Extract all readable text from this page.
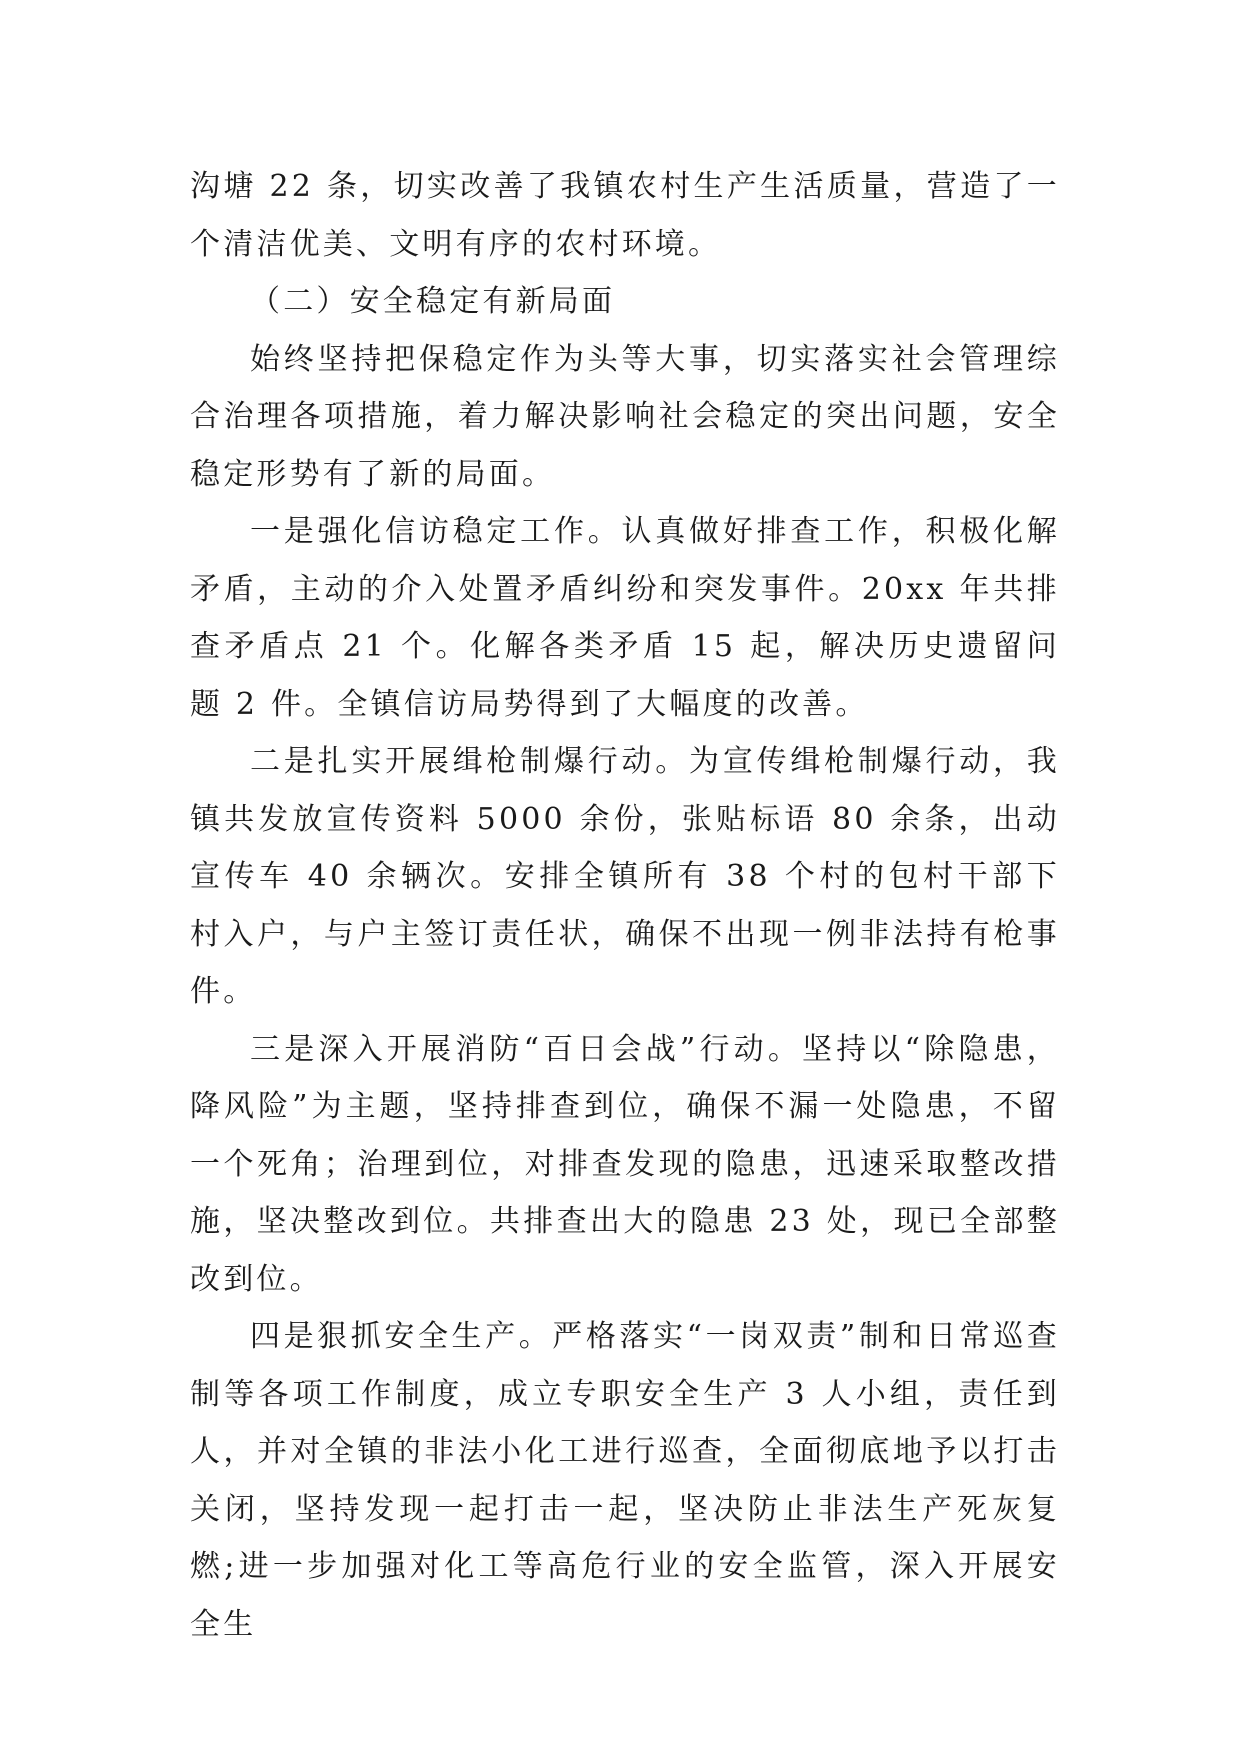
沟塘 22 条，切实改善了我镇农村生产生活质量，营造了一个清洁优美、文明有序的农村环境。

（二）安全稳定有新局面

始终坚持把保稳定作为头等大事，切实落实社会管理综合治理各项措施，着力解决影响社会稳定的突出问题，安全稳定形势有了新的局面。

一是强化信访稳定工作。认真做好排查工作，积极化解矛盾，主动的介入处置矛盾纠纷和突发事件。20xx 年共排查矛盾点 21 个。化解各类矛盾 15 起，解决历史遗留问题 2 件。全镇信访局势得到了大幅度的改善。

二是扎实开展缉枪制爆行动。为宣传缉枪制爆行动，我镇共发放宣传资料 5000 余份，张贴标语 80 余条，出动宣传车 40 余辆次。安排全镇所有 38 个村的包村干部下村入户，与户主签订责任状，确保不出现一例非法持有枪事件。

三是深入开展消防“百日会战”行动。坚持以“除隐患，降风险”为主题，坚持排查到位，确保不漏一处隐患，不留一个死角；治理到位，对排查发现的隐患，迅速采取整改措施，坚决整改到位。共排查出大的隐患 23 处，现已全部整改到位。

四是狠抓安全生产。严格落实“一岗双责”制和日常巡查制等各项工作制度，成立专职安全生产 3 人小组，责任到人，并对全镇的非法小化工进行巡查，全面彻底地予以打击关闭，坚持发现一起打击一起，坚决防止非法生产死灰复燃;进一步加强对化工等高危行业的安全监管，深入开展安全生
